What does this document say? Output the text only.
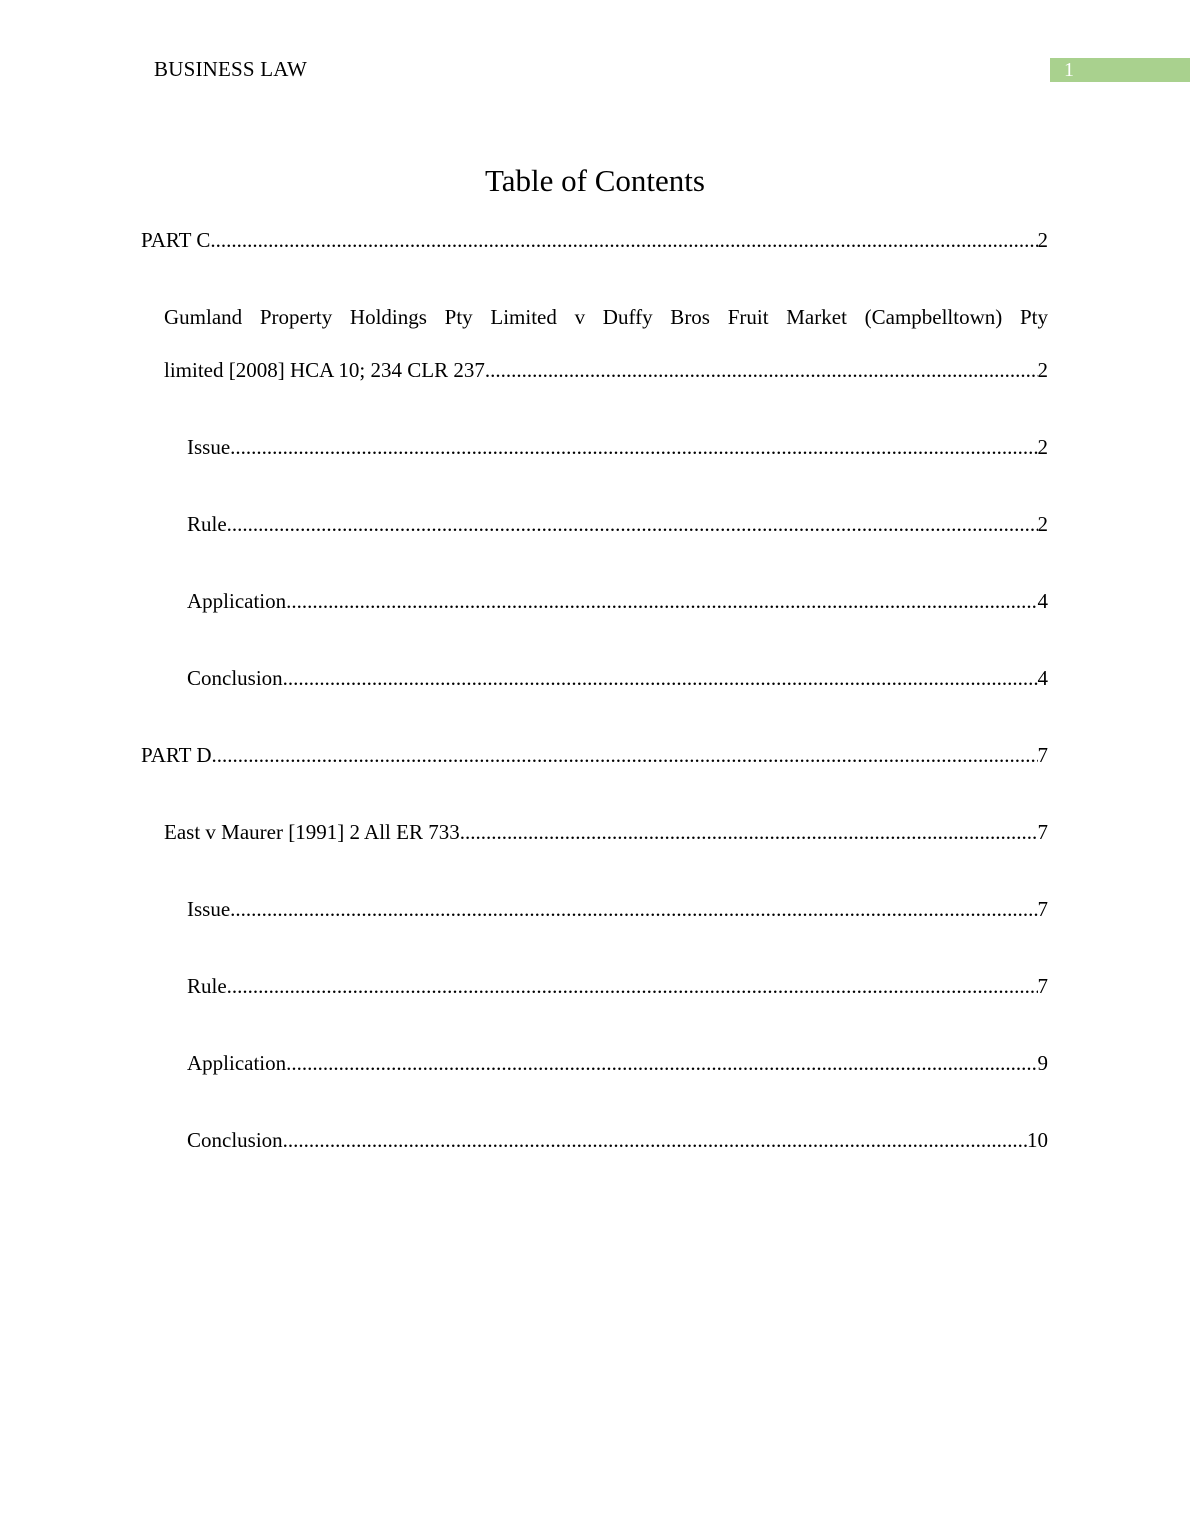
BUSINESS LAW	1
Table of Contents
PART C .....	2
Gumland Property Holdings Pty Limited v Duffy Bros Fruit Market (Campbelltown) Pty
limited [2008] HCA 10; 234 CLR 237 .....	2
Issue .....	2
Rule .....	2
Application .....	4
Conclusion .....	4
PART D .....	7
East v Maurer [1991] 2 All ER 733 .....	7
Issue .....	7
Rule .....	7
Application .....	9
Conclusion .....	10
